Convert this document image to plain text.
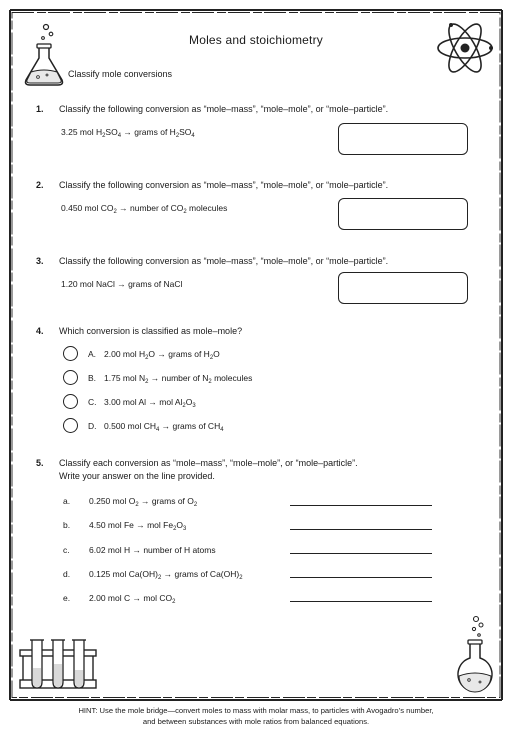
Moles and stoichiometry
Classify mole conversions
1. Classify the following conversion as “mole–mass”, “mole–mole”, or “mole–particle”.
3.25 mol $H_2SO_4$ → grams of $H_2SO_4$
2. Classify the following conversion as “mole–mass”, “mole–mole”, or “mole–particle”.
0.450 mol $CO_2$ → number of $CO_2$ molecules
3. Classify the following conversion as “mole–mass”, “mole–mole”, or “mole–particle”.
1.20 mol NaCl → grams of NaCl
4. Which conversion is classified as mole–mole?
A. 2.00 mol $H_2O$ → grams of $H_2O$
B. 1.75 mol $N_2$ → number of $N_2$ molecules
C. 3.00 mol Al → mol $Al_2O_3$
D. 0.500 mol $CH_4$ → grams of $CH_4$
5. Classify each conversion as “mole–mass”, “mole–mole”, or “mole–particle”.
Write your answer on the line provided.
a. 0.250 mol $O_2$ → grams of $O_2$
b. 4.50 mol Fe → mol $Fe_2O_3$
c. 6.02 mol H → number of H atoms
d. 0.125 mol $Ca(OH)_2$ → grams of $Ca(OH)_2$
e. 2.00 mol C → mol $CO_2$
HINT: Use the mole bridge—convert moles to mass with molar mass, to particles with Avogadro’s number,
and between substances with mole ratios from balanced equations.
